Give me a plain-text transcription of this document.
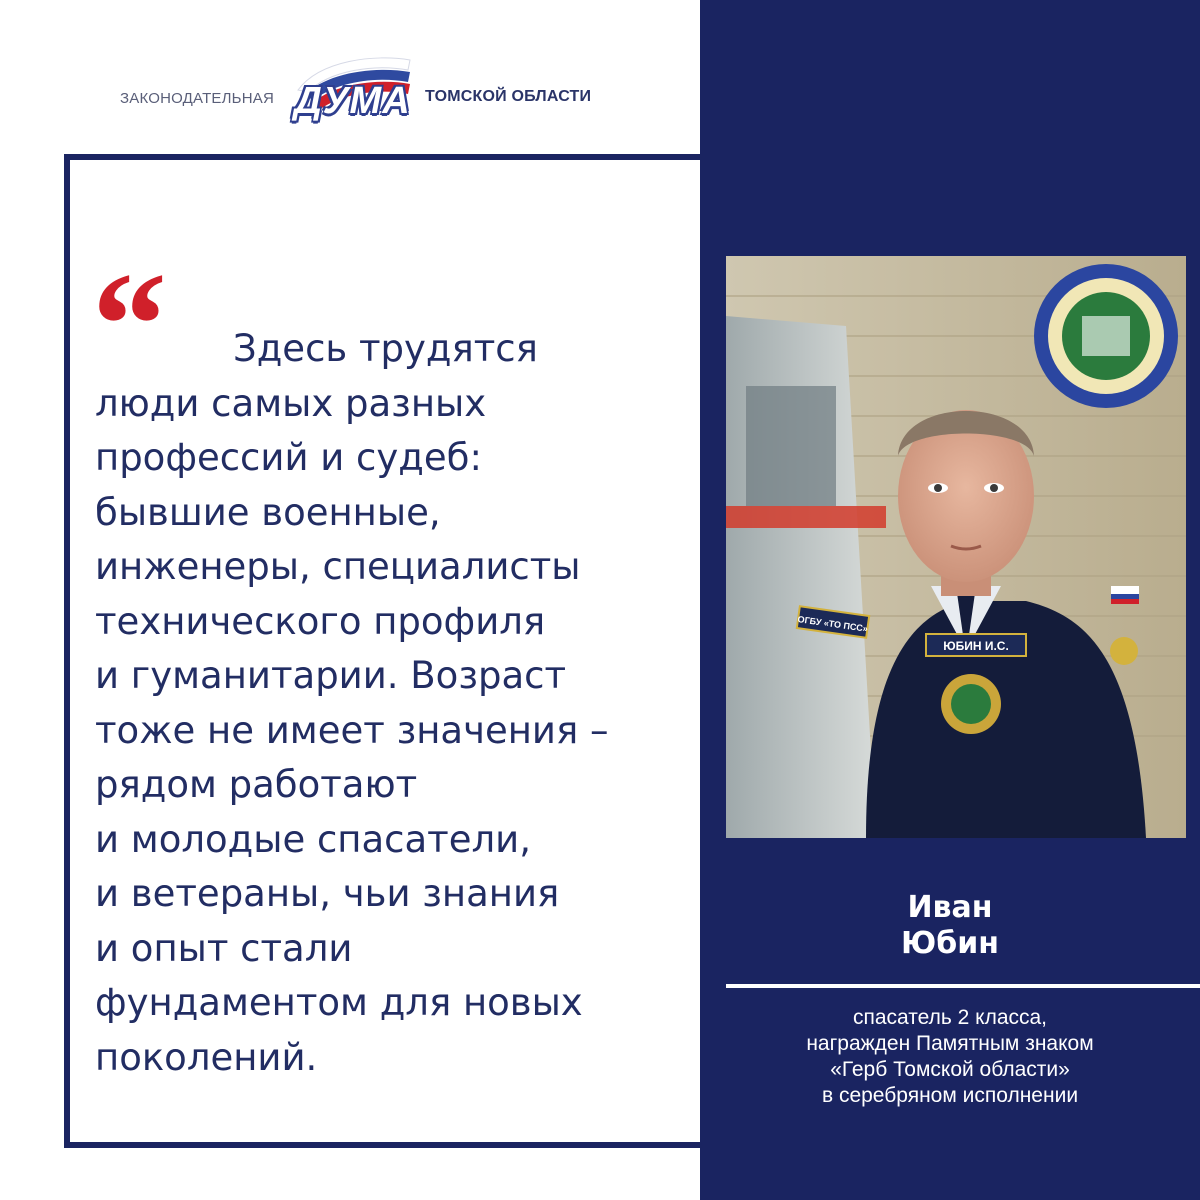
ЗАКОНОДАТЕЛЬНАЯ ДУМА ТОМСКОЙ ОБЛАСТИ
“	Здесь трудятся
люди самых разных
профессий и судеб:
бывшие военные,
инженеры, специалисты
технического профиля
и гуманитарии. Возраст
тоже не имеет значения –
рядом работают
и молодые спасатели,
и ветераны, чьи знания
и опыт стали
фундаментом для новых
поколений.
ЮБИН И.С.
ОГБУ «ТО ПСС»
Иван
Юбин
спасатель 2 класса,
награжден Памятным знаком
«Герб Томской области»
в серебряном исполнении
